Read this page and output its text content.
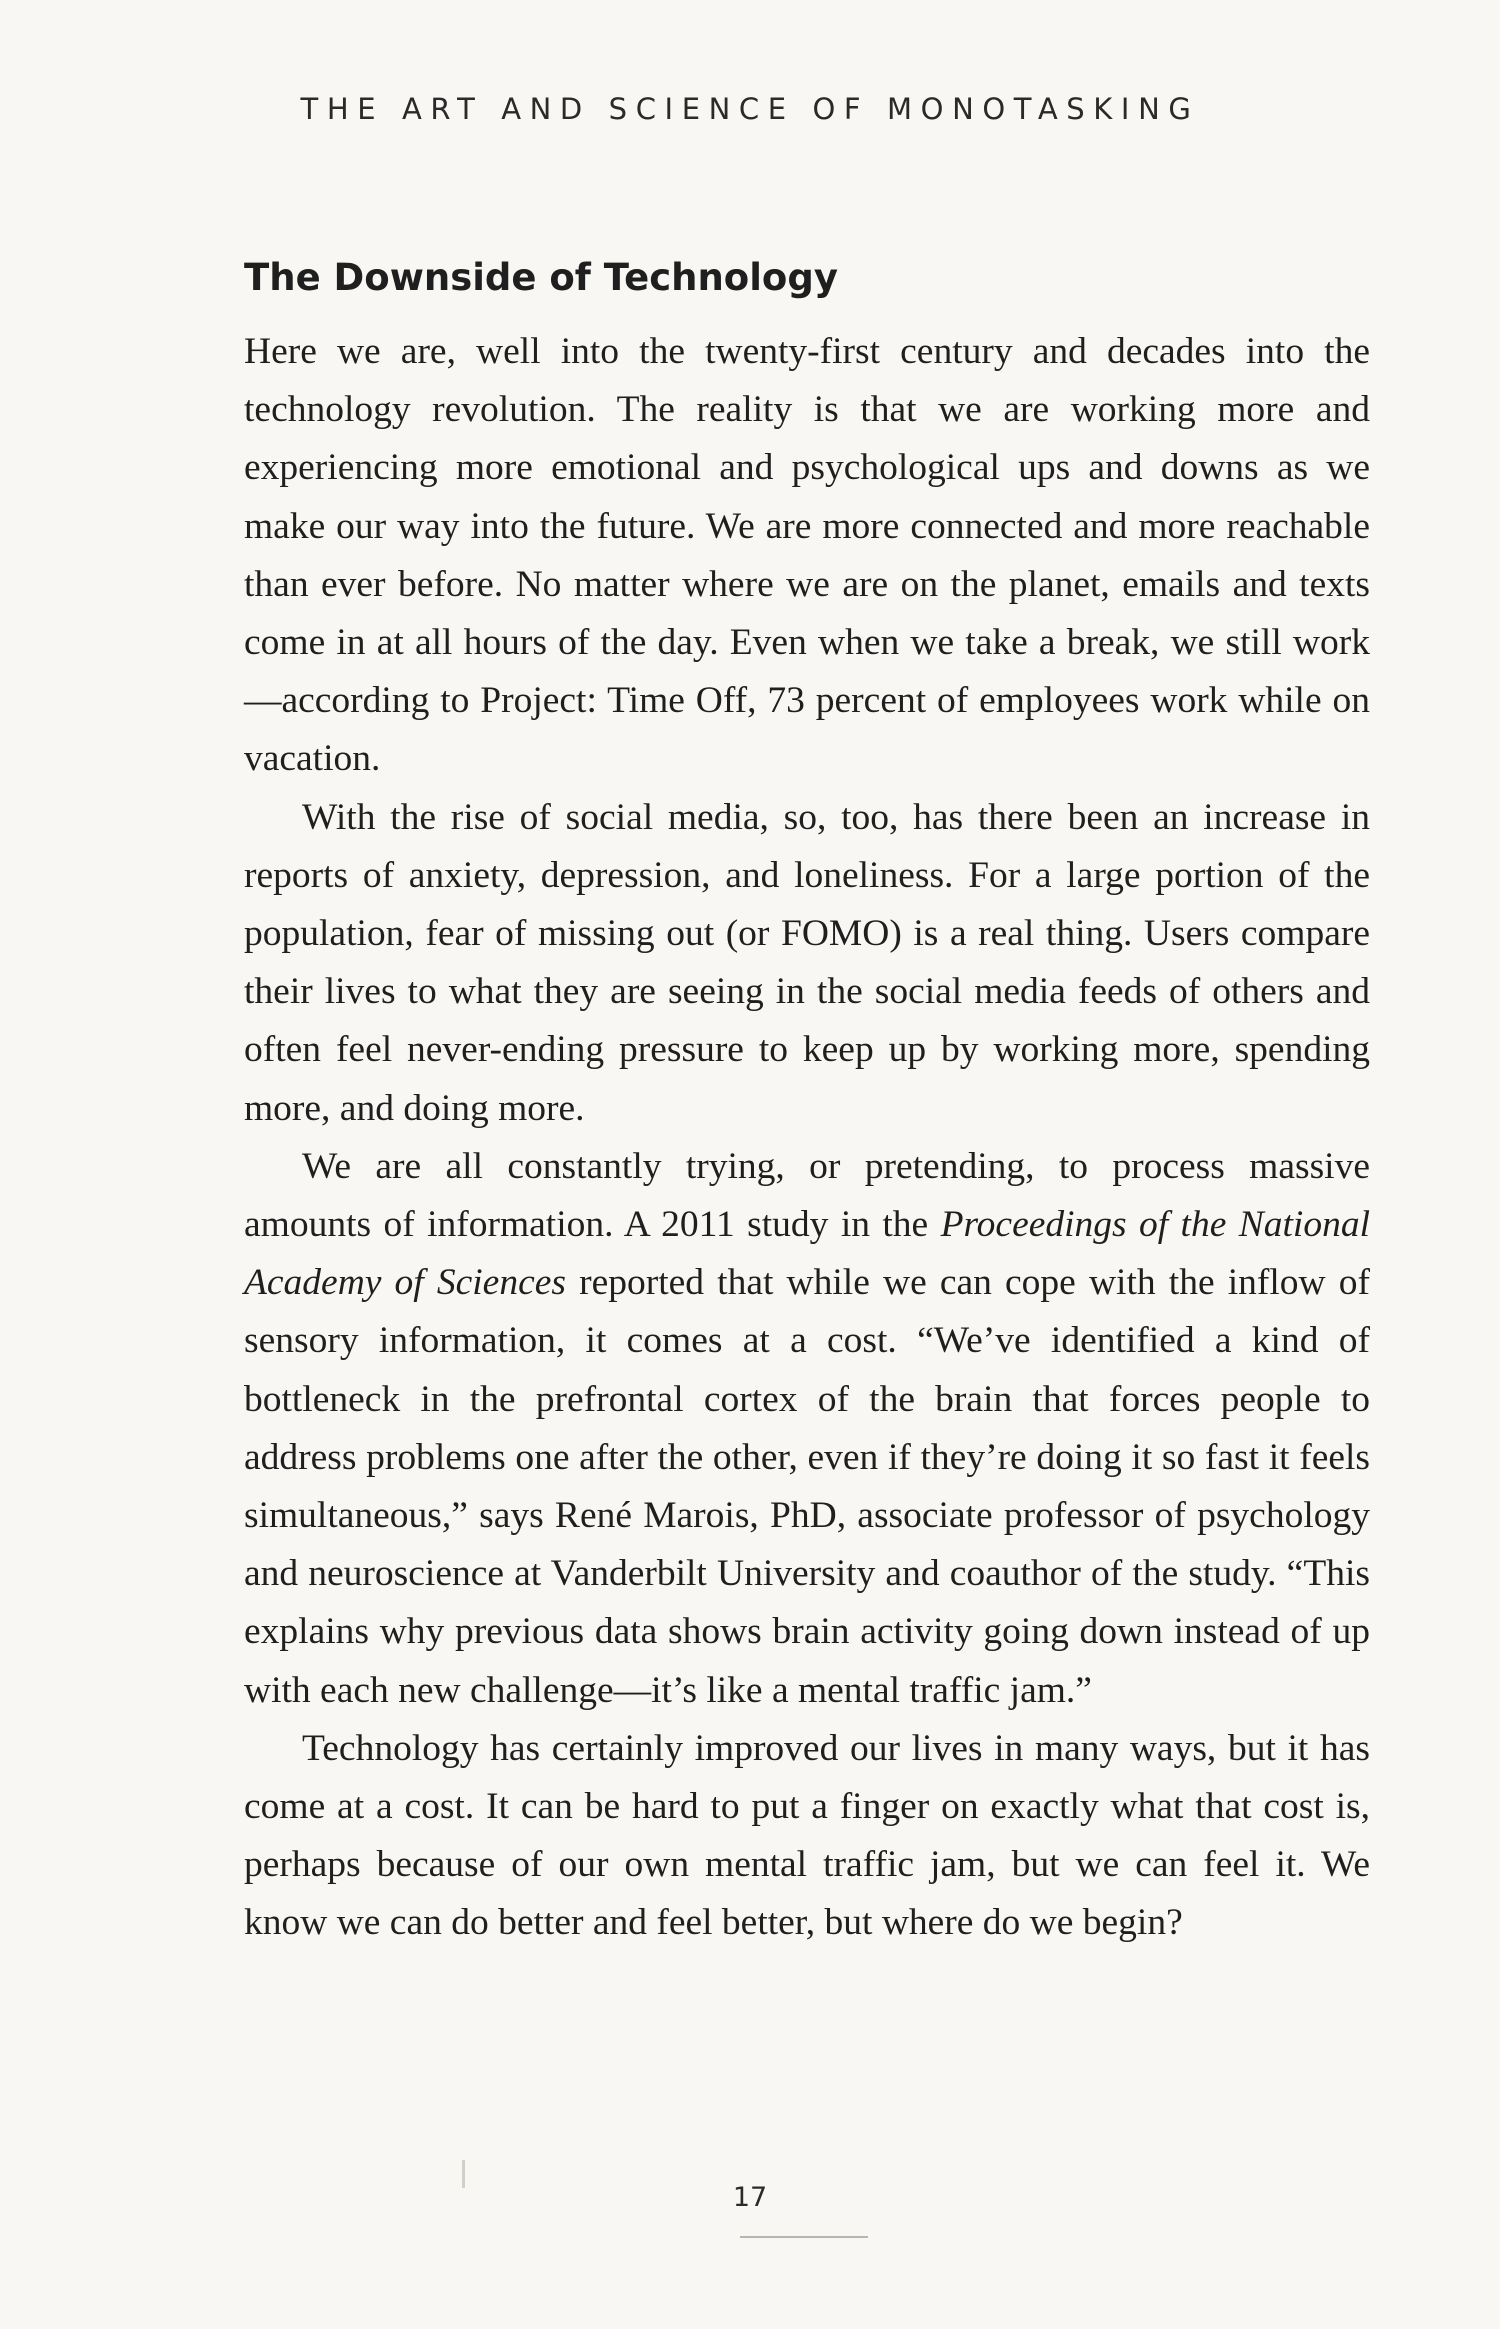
THE ART AND SCIENCE OF MONOTASKING
The Downside of Technology

Here we are, well into the twenty-first century and decades into the technology revolution. The reality is that we are working more and experiencing more emotional and psychological ups and downs as we make our way into the future. We are more connected and more reachable than ever before. No matter where we are on the planet, emails and texts come in at all hours of the day. Even when we take a break, we still work—according to Project: Time Off, 73 percent of employees work while on vacation.

With the rise of social media, so, too, has there been an increase in reports of anxiety, depression, and loneliness. For a large portion of the population, fear of missing out (or FOMO) is a real thing. Users compare their lives to what they are seeing in the social media feeds of others and often feel never-ending pressure to keep up by working more, spending more, and doing more.

We are all constantly trying, or pretending, to process massive amounts of information. A 2011 study in the Proceedings of the National Academy of Sciences reported that while we can cope with the inflow of sensory information, it comes at a cost. “We’ve identified a kind of bottleneck in the prefrontal cortex of the brain that forces people to address problems one after the other, even if they’re doing it so fast it feels simultaneous,” says René Marois, PhD, associate professor of psychology and neuroscience at Vanderbilt University and coauthor of the study. “This explains why previous data shows brain activity going down instead of up with each new challenge—it’s like a mental traffic jam.”

Technology has certainly improved our lives in many ways, but it has come at a cost. It can be hard to put a finger on exactly what that cost is, perhaps because of our own mental traffic jam, but we can feel it. We know we can do better and feel better, but where do we begin?

17
